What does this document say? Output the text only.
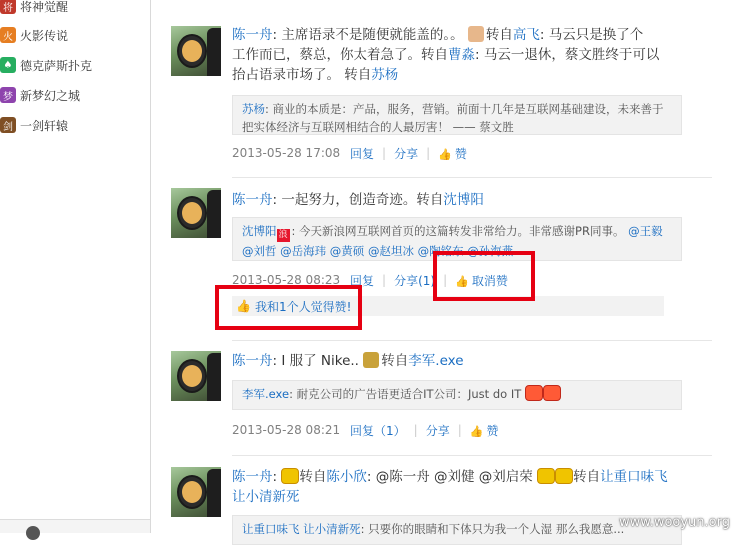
将 将神觉醒
火 火影传说
♠ 德克萨斯扑克
梦 新梦幻之城
剑 一剑轩辕
陈一舟: 主席语录不是随便就能盖的。。 转自高飞: 马云只是换了个
工作而已，蔡总，你太着急了。转自曹淼: 马云一退休，蔡文胜终于可以
抬占语录市场了。 转自苏杨
苏杨: 商业的本质是：产品，服务，营销。前面十几年是互联网基础建设，未来善于把实体经济与互联网相结合的人最厉害！ —— 蔡文胜
2013-05-28 17:08 回复 | 分享 | 👍 赞
陈一舟: 一起努力，创造奇迹。转自沈博阳
沈博阳 浪 : 今天新浪网互联网首页的这篇转发非常给力。非常感谢PR同事。 @王毅 @刘哲 @岳海玮 @黄硕 @赵坦冰 @陶铭东 @孙海燕
2013-05-28 08:23 回复 | 分享(1) | 👍 取消赞
👍 我和1个人觉得赞!
陈一舟: I 服了 Nike.. 转自李军.exe
李军.exe: 耐克公司的广告语更适合IT公司：Just do IT
2013-05-28 08:21 回复（1） | 分享 | 👍 赞
陈一舟: 转自陈小欣: @陈一舟 @刘健 @刘启荣	转自让重口味飞
让小清新死
让重口味飞 让小清新死: 只要你的眼睛和下体只为我一个人湿 那么我愿意...
www.wooyun.org
